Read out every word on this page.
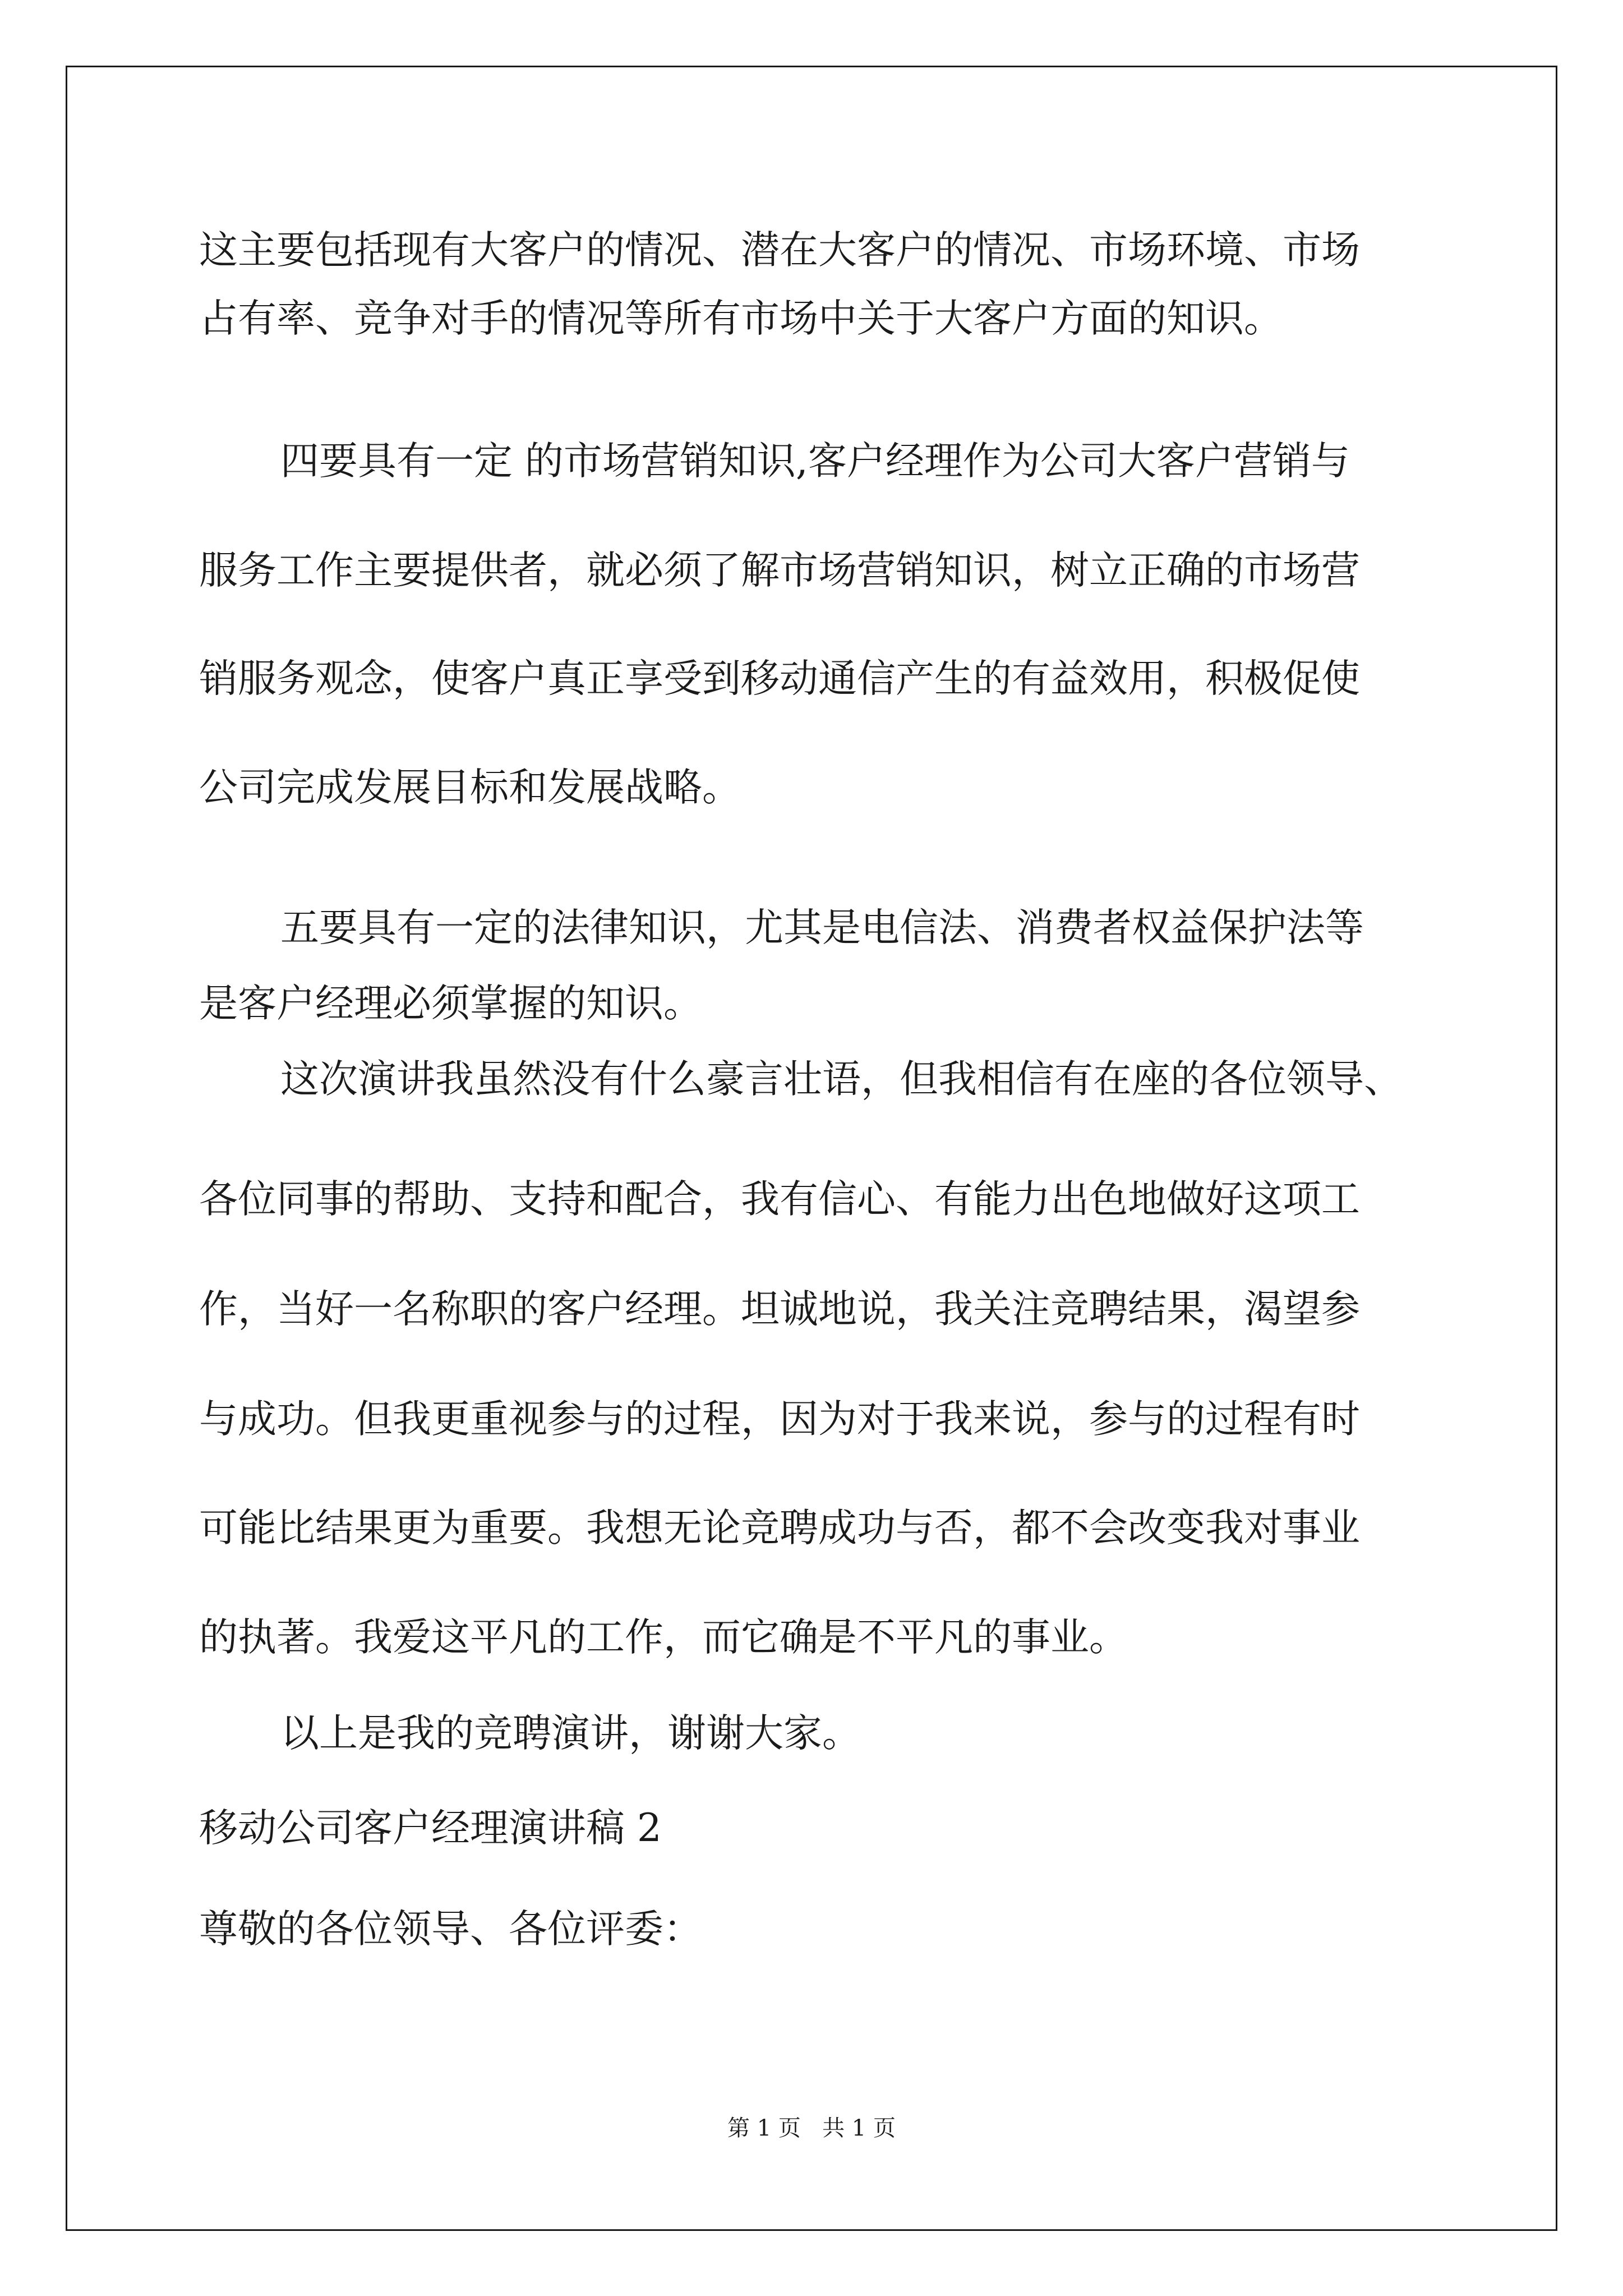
这主要包括现有大客户的情况、潜在大客户的情况、市场环境、市场
占有率、竞争对手的情况等所有市场中关于大客户方面的知识。
四要具有一定 的市场营销知识,客户经理作为公司大客户营销与
服务工作主要提供者，就必须了解市场营销知识，树立正确的市场营
销服务观念，使客户真正享受到移动通信产生的有益效用，积极促使
公司完成发展目标和发展战略。
五要具有一定的法律知识，尤其是电信法、消费者权益保护法等
是客户经理必须掌握的知识。
这次演讲我虽然没有什么豪言壮语，但我相信有在座的各位领导、
各位同事的帮助、支持和配合，我有信心、有能力出色地做好这项工
作，当好一名称职的客户经理。坦诚地说，我关注竞聘结果，渴望参
与成功。但我更重视参与的过程，因为对于我来说，参与的过程有时
可能比结果更为重要。我想无论竞聘成功与否，都不会改变我对事业
的执著。我爱这平凡的工作，而它确是不平凡的事业。
以上是我的竞聘演讲，谢谢大家。
移动公司客户经理演讲稿 2
尊敬的各位领导、各位评委：
第 1 页   共 1 页
